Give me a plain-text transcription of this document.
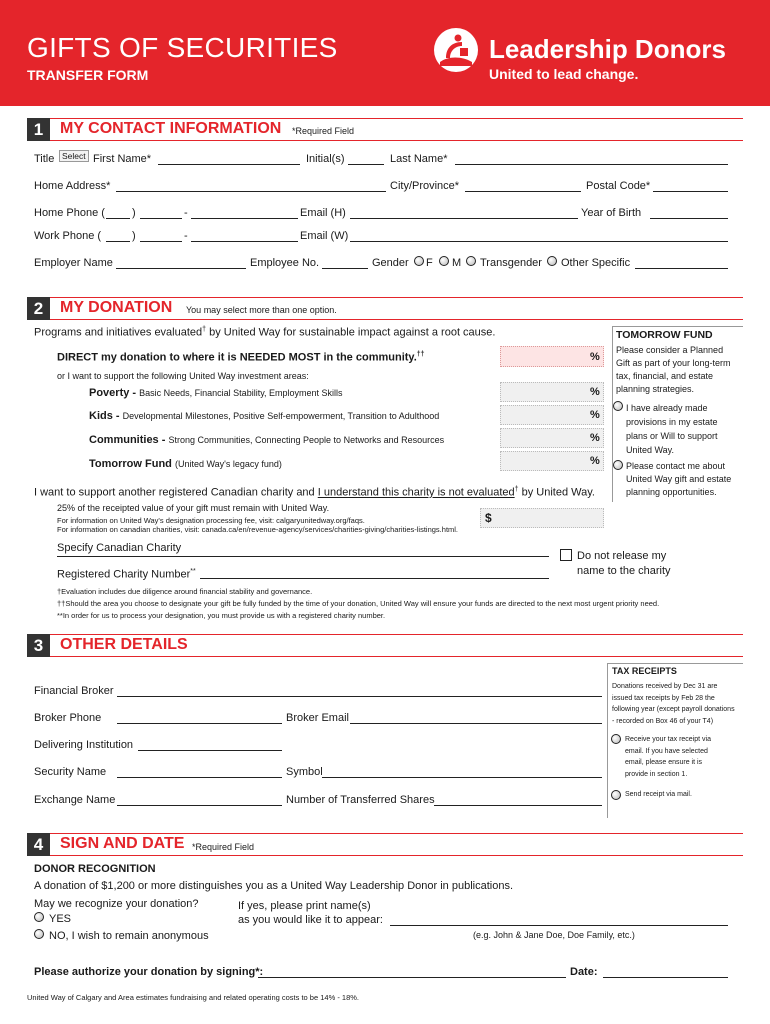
GIFTS OF SECURITIES
TRANSFER FORM
Leadership Donors
United to lead change.
1	MY CONTACT INFORMATION *Required Field
Title Select First Name*	Initial(s)	Last Name*
Home Address*	City/Province*	Postal Code*
Home Phone ( )	-	Email (H)	Year of Birth
Work Phone (	)	-	Email (W)
Employer Name	Employee No.	Gender F M Transgender Other Specific
2	MY DONATION You may select more than one option.
Programs and initiatives evaluated† by United Way for sustainable impact against a root cause.
DIRECT my donation to where it is NEEDED MOST in the community.††	%
or I want to support the following United Way investment areas:
Poverty - Basic Needs, Financial Stability, Employment Skills	%
Kids - Developmental Milestones, Positive Self-empowerment, Transition to Adulthood	%
Communities - Strong Communities, Connecting People to Networks and Resources	%
Tomorrow Fund (United Way's legacy fund)	%
I want to support another registered Canadian charity and I understand this charity is not evaluated† by United Way.
25% of the receipted value of your gift must remain with United Way.
For information on United Way's designation processing fee, visit: calgaryunitedway.org/faqs.
For information on canadian charities, visit: canada.ca/en/revenue-agency/services/charities-giving/charities-listings.html.
$
Specify Canadian Charity
Registered Charity Number**
Do not release my
name to the charity
†Evaluation includes due diligence around financial stability and governance.
††Should the area you choose to designate your gift be fully funded by the time of your donation, United Way will ensure your funds are directed to the next most urgent priority need.
**In order for us to process your designation, you must provide us with a registered charity number.
TOMORROW FUND
Please consider a Planned
Gift as part of your long-term
tax, financial, and estate
planning strategies.
I have already made
provisions in my estate
plans or Will to support
United Way.
Please contact me about
United Way gift and estate
planning opportunities.
3	OTHER DETAILS
Financial Broker
Broker Phone	Broker Email
Delivering Institution
Security Name	Symbol
Exchange Name	Number of Transferred Shares
TAX RECEIPTS
Donations received by Dec 31 are
issued tax receipts by Feb 28 the
following year (except payroll donations
- recorded on Box 46 of your T4)
Receive your tax receipt via
email. If you have selected
email, please ensure it is
provide in section 1.
Send receipt via mail.
4	SIGN AND DATE *Required Field
DONOR RECOGNITION
A donation of $1,200 or more distinguishes you as a United Way Leadership Donor in publications.
May we recognize your donation?
YES
NO, I wish to remain anonymous
If yes, please print name(s)
as you would like it to appear:
(e.g. John & Jane Doe, Doe Family, etc.)
Please authorize your donation by signing*:	Date:
United Way of Calgary and Area estimates fundraising and related operating costs to be 14% - 18%.
